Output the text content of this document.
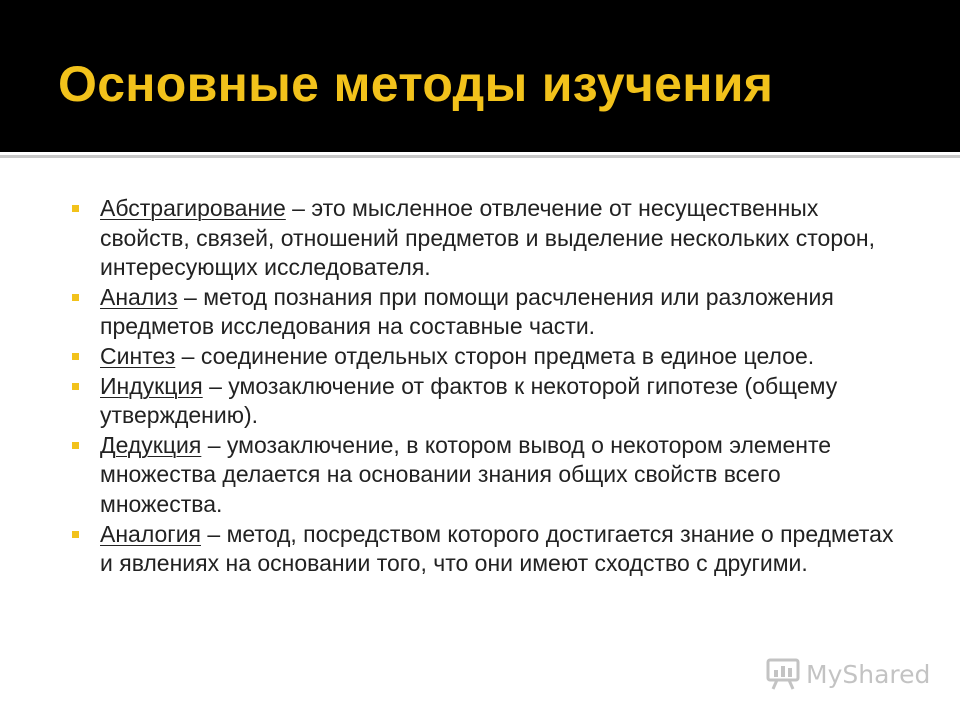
Основные методы изучения

Абстрагирование – это мысленное отвлечение от несущественных свойств, связей, отношений предметов и выделение нескольких сторон, интересующих исследователя.

Анализ – метод познания при помощи расчленения или разложения предметов исследования на составные части.

Синтез – соединение отдельных сторон предмета в единое целое.

Индукция – умозаключение от фактов к некоторой гипотезе (общему утверждению).

Дедукция – умозаключение, в котором вывод о некотором элементе множества делается на основании знания общих свойств всего множества.

Аналогия – метод, посредством которого достигается знание о предметах и явлениях на основании того, что они имеют сходство с другими.

MyShared
